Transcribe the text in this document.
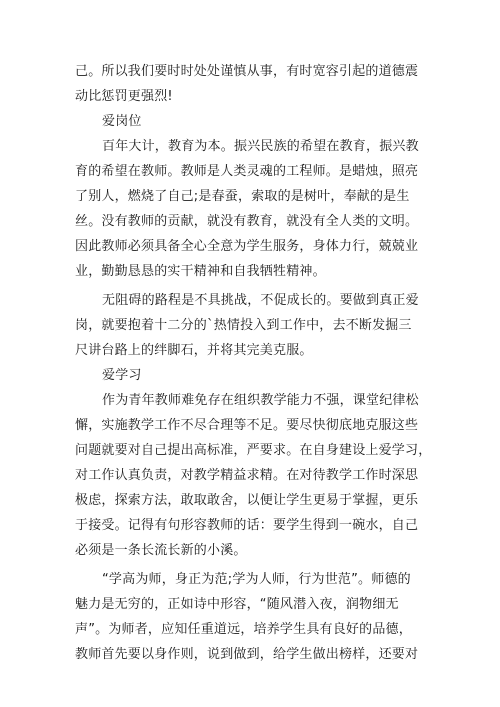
己。所以我们要时时处处谨慎从事，有时宽容引起的道德震
动比惩罚更强烈!
爱岗位
百年大计，教育为本。振兴民族的希望在教育，振兴教
育的希望在教师。教师是人类灵魂的工程师。是蜡烛，照亮
了别人，燃烧了自己;是春蚕，索取的是树叶，奉献的是生
丝。没有教师的贡献，就没有教育，就没有全人类的文明。
因此教师必须具备全心全意为学生服务，身体力行，兢兢业
业，勤勤恳恳的实干精神和自我牺牲精神。
无阻碍的路程是不具挑战，不促成长的。要做到真正爱
岗，就要抱着十二分的`热情投入到工作中，去不断发掘三
尺讲台路上的绊脚石，并将其完美克服。
爱学习
作为青年教师难免存在组织教学能力不强，课堂纪律松
懈，实施教学工作不尽合理等不足。要尽快彻底地克服这些
问题就要对自己提出高标准，严要求。在自身建设上爱学习，
对工作认真负责，对教学精益求精。在对待教学工作时深思
极虑，探索方法，敢取敢舍，以便让学生更易于掌握，更乐
于接受。记得有句形容教师的话：要学生得到一碗水，自己
必须是一条长流长新的小溪。
“学高为师，身正为范;学为人师，行为世范”。师德的
魅力是无穷的，正如诗中形容，“随风潜入夜，润物细无
声”。为师者，应知任重道远，培养学生具有良好的品德，
教师首先要以身作则，说到做到，给学生做出榜样，还要对
